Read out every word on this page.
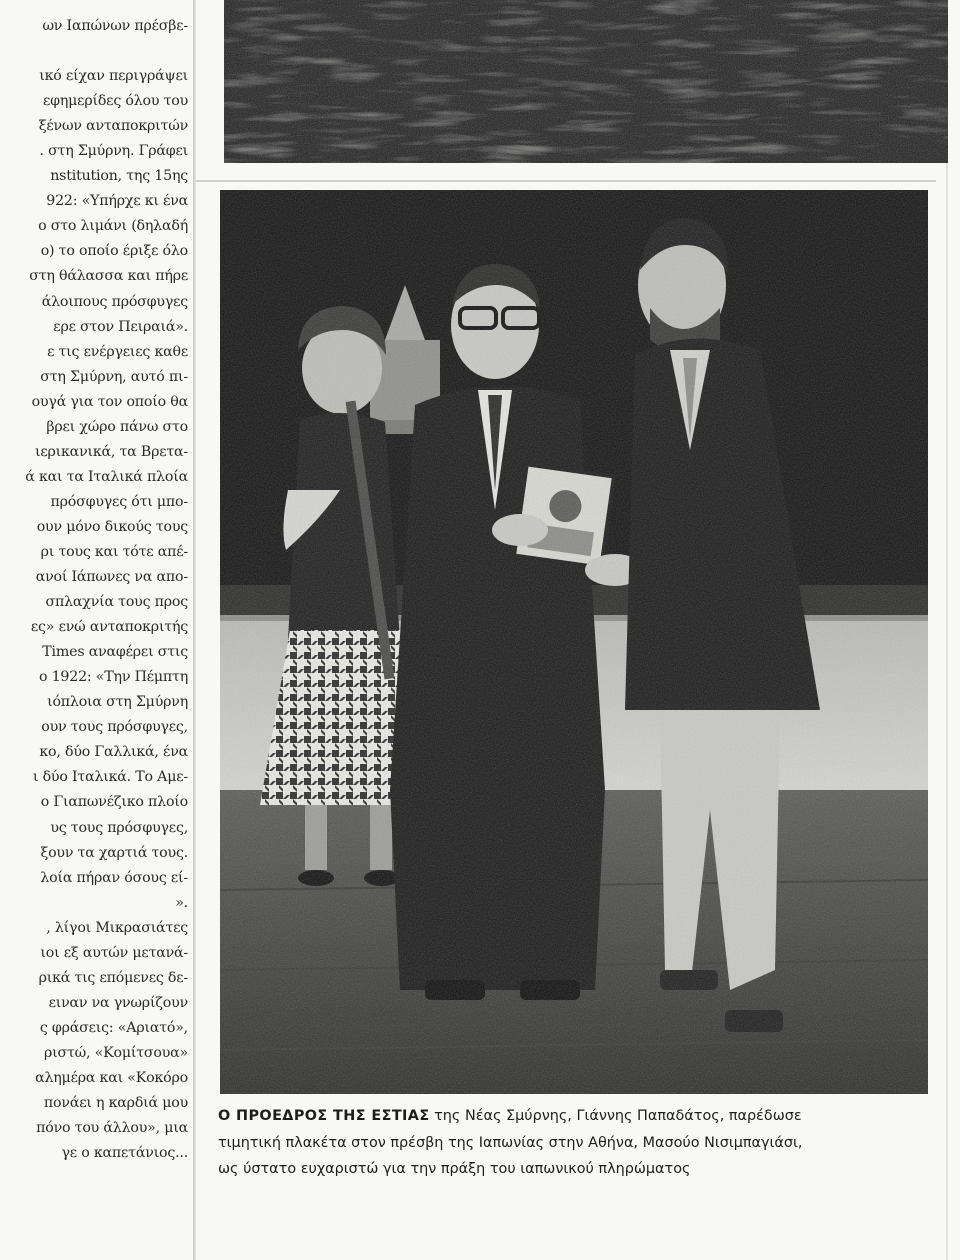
ων Ιαπώνων πρέσβε-
ικό είχαν περιγράψει
εφημερίδες όλου του
ξένων ανταποκριτών
. στη Σμύρνη. Γράφει
nstitution, της 15ης
922: «Υπήρχε κι ένα
ο στο λιμάνι (δηλαδή
ο) το οποίο έριξε όλο
στη θάλασσα και πήρε
άλοιπους πρόσφυγες
ερε στον Πειραιά».
ε τις ενέργειες καθε
στη Σμύρνη, αυτό πι-
ουγά για τον οποίο θα
βρει χώρο πάνω στο
ιερικανικά, τα Βρετα-
ά και τα Ιταλικά πλοία
πρόσφυγες ότι μπο-
ουν μόνο δικούς τους
ρι τους και τότε απέ-
ανοί Ιάπωνες να απο-
σπλαχνία τους προς
ες» ενώ ανταποκριτής
Times αναφέρει στις
ο 1922: «Την Πέμπτη
ιόπλοια στη Σμύρνη
ουν τους πρόσφυγες,
κο, δύο Γαλλικά, ένα
ι δύο Ιταλικά. Το Αμε-
ο Γιαπωνέζικο πλοίο
υς τους πρόσφυγες,
ξουν τα χαρτιά τους.
λοία πήραν όσους εί-
».
, λίγοι Μικρασιάτες
ιοι εξ αυτών μετανά-
ρικά τις επόμενες δε-
ειναν να γνωρίζουν
ς φράσεις: «Αριατό»,
ριστώ, «Κομίτσουα»
αλημέρα και «Κοκόρο
πονάει η καρδιά μου
πόνο του άλλου», μια
γε ο καπετάνιος...
Ο ΠΡΟΕΔΡΟΣ ΤΗΣ ΕΣΤΙΑΣ της Νέας Σμύρνης, Γιάννης Παπαδάτος, παρέδωσε
τιμητική πλακέτα στον πρέσβη της Ιαπωνίας στην Αθήνα, Μασούο Νισιμπαγιάσι,
ως ύστατο ευχαριστώ για την πράξη του ιαπωνικού πληρώματος
